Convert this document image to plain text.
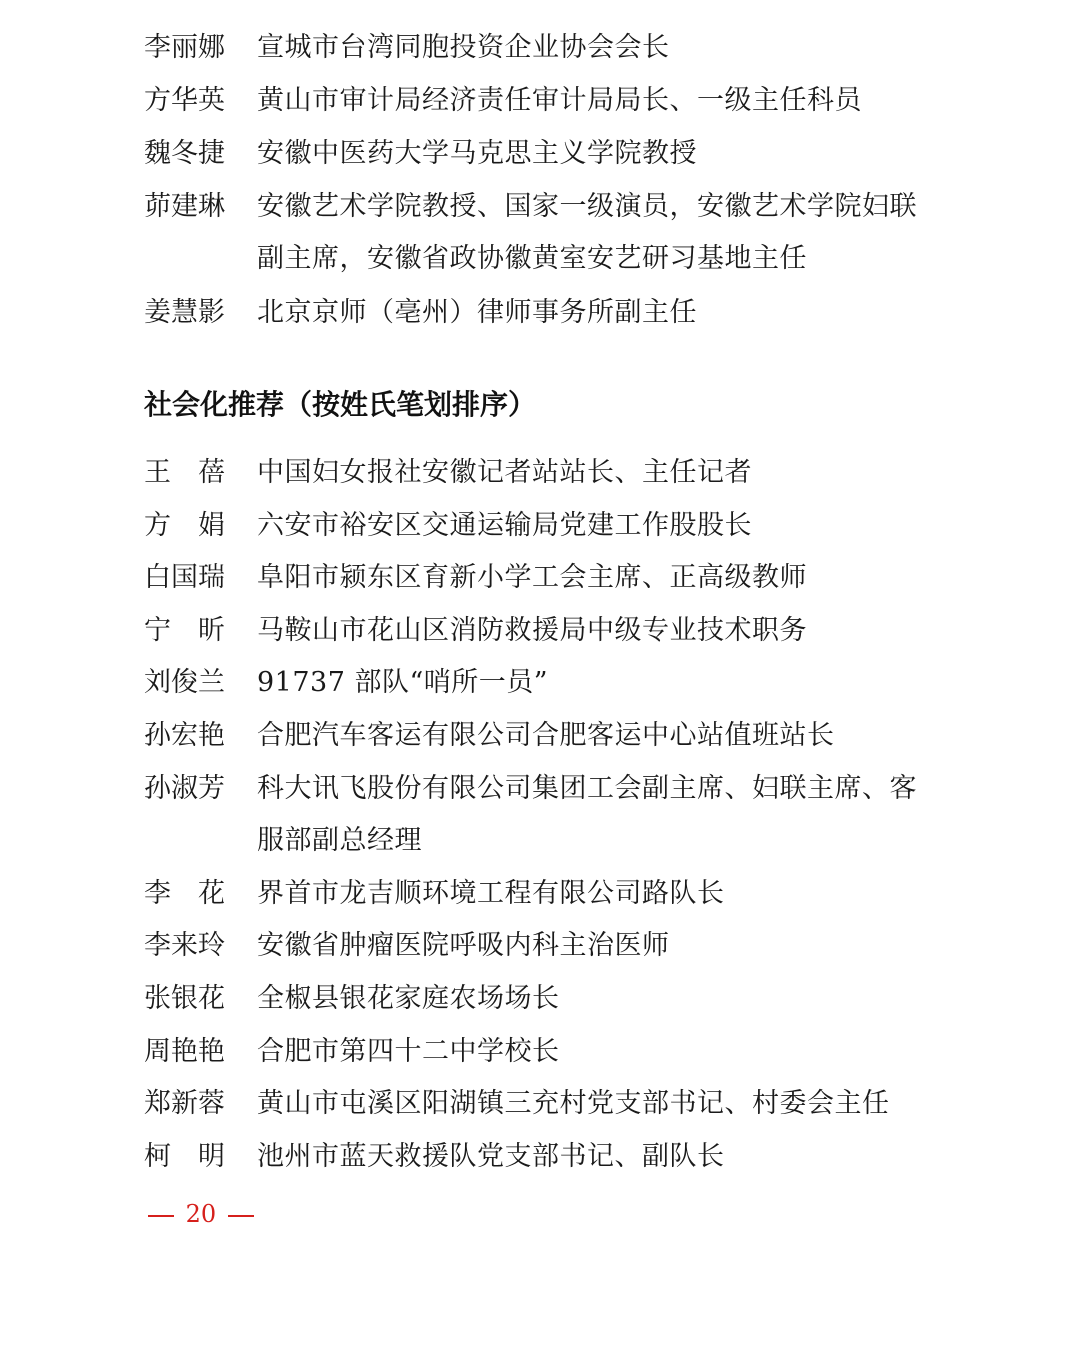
李丽娜	宣城市台湾同胞投资企业协会会长
方华英	黄山市审计局经济责任审计局局长、一级主任科员
魏冬捷	安徽中医药大学马克思主义学院教授
茆建琳	安徽艺术学院教授、国家一级演员，安徽艺术学院妇联
副主席，安徽省政协徽黄室安艺研习基地主任
姜慧影	北京京师（亳州）律师事务所副主任
社会化推荐（按姓氏笔划排序）
王　蓓	中国妇女报社安徽记者站站长、主任记者
方　娟	六安市裕安区交通运输局党建工作股股长
白国瑞	阜阳市颍东区育新小学工会主席、正高级教师
宁　昕	马鞍山市花山区消防救援局中级专业技术职务
刘俊兰	91737 部队“哨所一员”
孙宏艳	合肥汽车客运有限公司合肥客运中心站值班站长
孙淑芳	科大讯飞股份有限公司集团工会副主席、妇联主席、客
服部副总经理
李　花	界首市龙吉顺环境工程有限公司路队长
李来玲	安徽省肿瘤医院呼吸内科主治医师
张银花	全椒县银花家庭农场场长
周艳艳	合肥市第四十二中学校长
郑新蓉	黄山市屯溪区阳湖镇三充村党支部书记、村委会主任
柯　明	池州市蓝天救援队党支部书记、副队长
20
